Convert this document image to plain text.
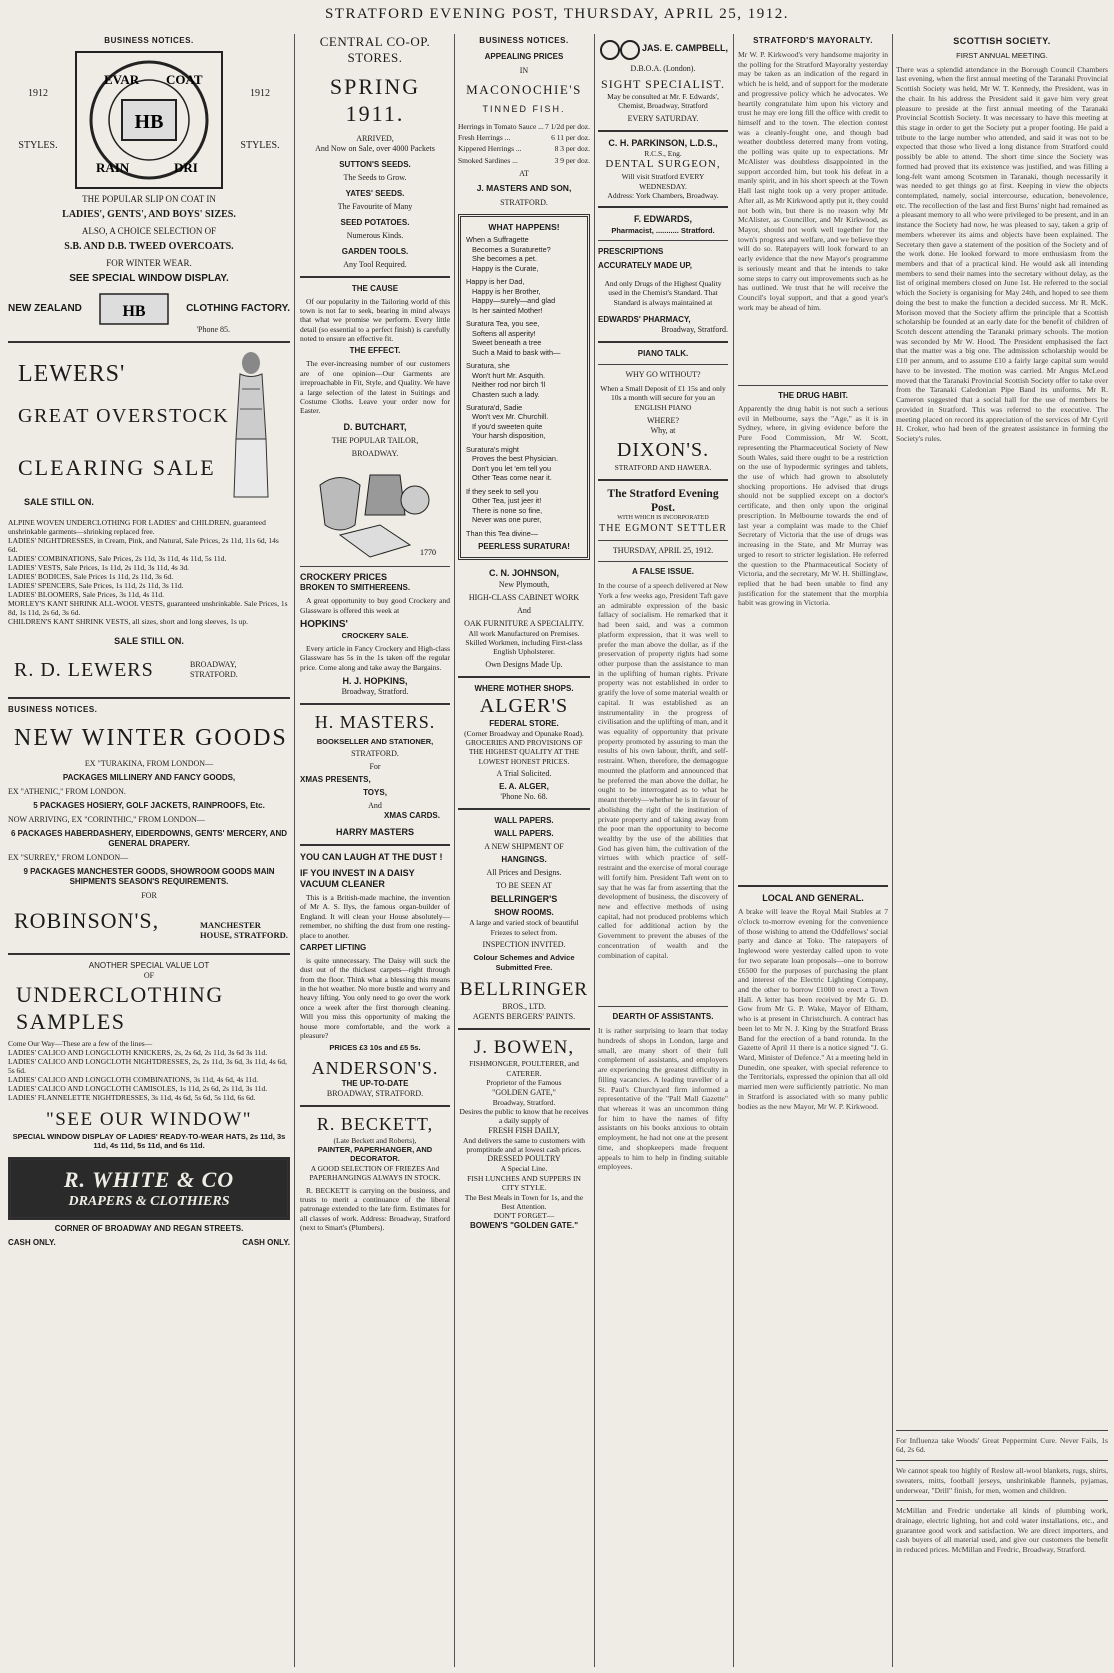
STRATFORD EVENING POST, THURSDAY, APRIL 25, 1912.
BUSINESS NOTICES.
1912
STYLES.
HB
EVAR COAT
RAIN	DRI
1912
STYLES.
THE POPULAR SLIP ON COAT IN
LADIES', GENTS', AND BOYS' SIZES.
ALSO, A CHOICE SELECTION OF
S.B. AND D.B. TWEED OVERCOATS.
FOR WINTER WEAR.
SEE SPECIAL WINDOW DISPLAY.
NEW ZEALAND	HB	CLOTHING FACTORY.
'Phone 85.
LEWERS'
GREAT OVERSTOCK
CLEARING SALE
SALE STILL ON.
ALPINE WOVEN UNDERCLOTHING FOR LADIES' and CHILDREN, guaranteed unshrinkable garments—shrinking replaced free.
LADIES' NIGHTDRESSES, in Cream, Pink, and Natural, Sale Prices, 2s 11d, 11s 6d, 14s 6d.
LADIES' COMBINATIONS, Sale Prices, 2s 11d, 3s 11d, 4s 11d, 5s 11d.
LADIES' VESTS, Sale Prices, 1s 11d, 2s 11d, 3s 11d, 4s 3d.
LADIES' BODICES, Sale Prices 1s 11d, 2s 11d, 3s 6d.
LADIES' SPENCERS, Sale Prices, 1s 11d, 2s 11d, 3s 11d.
LADIES' BLOOMERS, Sale Prices, 3s 11d, 4s 11d.
MORLEY'S KANT SHRINK ALL-WOOL VESTS, guaranteed unshrinkable. Sale Prices, 1s 8d, 1s 11d, 2s 6d, 3s 6d.
CHILDREN'S KANT SHRINK VESTS, all sizes, short and long sleeves, 1s up.
SALE STILL ON.
R. D. LEWERS	BROADWAY, STRATFORD.
BUSINESS NOTICES.
NEW WINTER GOODS
EX "TURAKINA, FROM LONDON—
PACKAGES MILLINERY AND FANCY GOODS,
EX "ATHENIC," FROM LONDON.
5 PACKAGES HOSIERY, GOLF JACKETS, RAINPROOFS, Etc.
NOW ARRIVING, EX "CORINTHIC," FROM LONDON—
6 PACKAGES HABERDASHERY, EIDERDOWNS, GENTS' MERCERY, AND GENERAL DRAPERY.
EX "SURREY," FROM LONDON—
9 PACKAGES MANCHESTER GOODS, SHOWROOM GOODS MAIN SHIPMENTS SEASON'S REQUIREMENTS.
FOR
ROBINSON'S,	MANCHESTER HOUSE, STRATFORD.
ANOTHER SPECIAL VALUE LOT
OF
UNDERCLOTHING
SAMPLES
Come Our Way—These are a few of the lines—
LADIES' CALICO AND LONGCLOTH KNICKERS, 2s, 2s 6d, 2s 11d, 3s 6d 3s 11d.
LADIES' CALICO AND LONGCLOTH NIGHTDRESSES, 2s, 2s 11d, 3s 6d, 3s 11d, 4s 6d, 5s 6d.
LADIES' CALICO AND LONGCLOTH COMBINATIONS, 3s 11d, 4s 6d, 4s 11d.
LADIES' CALICO AND LONGCLOTH CAMISOLES, 1s 11d, 2s 6d, 2s 11d, 3s 11d.
LADIES' FLANNELETTE NIGHTDRESSES, 3s 11d, 4s 6d, 5s 6d, 5s 11d, 6s 6d.
"SEE OUR WINDOW"
SPECIAL WINDOW DISPLAY OF LADIES' READY-TO-WEAR HATS, 2s 11d, 3s 11d, 4s 11d, 5s 11d, and 6s 11d.
R. WHITE & CO
DRAPERS & CLOTHIERS
CORNER OF BROADWAY AND REGAN STREETS.
CASH ONLY.	CASH ONLY.
CENTRAL CO-OP. STORES.
SPRING 1911.
ARRIVED,
And Now on Sale, over 4000 Packets
SUTTON'S SEEDS.
The Seeds to Grow.
YATES' SEEDS.
The Favourite of Many
SEED POTATOES.
Numerous Kinds.
GARDEN TOOLS.
Any Tool Required.
THE CAUSE
Of our popularity in the Tailoring world of this town is not far to seek, bearing in mind always that what we promise we perform. Every little detail (so essential to a perfect finish) is carefully noted to ensure an effective fit.
THE EFFECT.
The ever-increasing number of our customers are of one opinion—Our Garments are irreproachable in Fit, Style, and Quality. We have a large selection of the latest in Suitings and Costume Cloths. Leave your order now for Easter.
D. BUTCHART,
THE POPULAR TAILOR,
BROADWAY.
1770
CROCKERY PRICES
BROKEN TO SMITHEREENS.
A great opportunity to buy good Crockery and Glassware is offered this week at
HOPKINS'
CROCKERY SALE.
Every article in Fancy Crockery and High-class Glassware has 5s in the 1s taken off the regular price. Come along and take away the Bargains.
H. J. HOPKINS,
Broadway, Stratford.
H. MASTERS.
BOOKSELLER AND STATIONER,
STRATFORD.
For
XMAS PRESENTS,
TOYS,
And
XMAS CARDS.
HARRY MASTERS
YOU CAN LAUGH AT THE DUST !
IF YOU INVEST IN A DAISY VACUUM CLEANER
This is a British-made machine, the invention of Mr A. S. Ilys, the famous organ-builder of England. It will clean your House absolutely—remember, no shifting the dust from one resting-place to another.
CARPET LIFTING
is quite unnecessary. The Daisy will suck the dust out of the thickest carpets—right through from the floor. Think what a blessing this means in the hot weather. No more bustle and worry and heavy lifting. You only need to go over the work once a week after the first thorough cleaning. Will you miss this opportunity of making the house more comfortable, and the work a pleasure?
PRICES £3 10s and £5 5s.
ANDERSON'S.
THE UP-TO-DATE
BROADWAY, STRATFORD.
R. BECKETT,
(Late Beckett and Roberts),
PAINTER, PAPERHANGER, AND DECORATOR.
A GOOD SELECTION OF FRIEZES And PAPERHANGINGS ALWAYS IN STOCK.
R. BECKETT is carrying on the business, and trusts to merit a continuance of the liberal patronage extended to the late firm. Estimates for all classes of work. Address: Broadway, Stratford (next to Smart's (Plumbers).
BUSINESS NOTICES.
APPEALING PRICES
IN
MACONOCHIE'S
TINNED FISH.
Herrings in Tomato Sauce ... 7 1/2d per doz.
Fresh Herrings ...	6 11 per doz.
Kippered Herrings ...	8 3 per doz.
Smoked Sardines ...	3 9 per doz.
AT
J. MASTERS AND SON,
STRATFORD.
WHAT HAPPENS!
When a Suffragette
Becomes a Suraturette?
She becomes a pet.
Happy is the Curate,
Happy is her Dad,
Happy is her Brother,
Happy—surely—and glad
Is her sainted Mother!
Suratura Tea, you see,
Softens all asperity!
Sweet beneath a tree
Such a Maid to bask with—
Suratura, she
Won't hurt Mr. Asquith.
Neither rod nor birch 'll
Chasten such a lady.
Suratura'd, Sadie
Won't vex Mr. Churchill.
If you'd sweeten quite
Your harsh disposition,
Suratura's might
Proves the best Physician.
Don't you let 'em tell you
Other Teas come near it.
If they seek to sell you
Other Tea, just jeer it!
There is none so fine,
Never was one purer,
Than this Tea divine—
PEERLESS SURATURA!
C. N. JOHNSON,
New Plymouth,
HIGH-CLASS CABINET WORK
And
OAK FURNITURE A SPECIALITY.
All work Manufactured on Premises. Skilled Workmen, including First-class English Upholsterer.
Own Designs Made Up.
WHERE MOTHER SHOPS.
ALGER'S
FEDERAL STORE.
(Corner Broadway and Opunake Road).
GROCERIES AND PROVISIONS OF THE HIGHEST QUALITY AT THE LOWEST HONEST PRICES.
A Trial Solicited.
E. A. ALGER,
'Phone No. 68.
WALL PAPERS.
WALL PAPERS.
A NEW SHIPMENT OF
HANGINGS.
All Prices and Designs.
TO BE SEEN AT
BELLRINGER'S
SHOW ROOMS.
A large and varied stock of beautiful Friezes to select from.
INSPECTION INVITED.
Colour Schemes and Advice
Submitted Free.
BELLRINGER
BROS., LTD.
AGENTS BERGERS' PAINTS.
J. BOWEN,
FISHMONGER, POULTERER, and CATERER.
Proprietor of the Famous
"GOLDEN GATE,"
Broadway, Stratford.
Desires the public to know that he receives a daily supply of
FRESH FISH DAILY,
And delivers the same to customers with promptitude and at lowest cash prices.
DRESSED POULTRY
A Special Line.
FISH LUNCHES AND SUPPERS IN CITY STYLE.
The Best Meals in Town for 1s, and the Best Attention.
DON'T FORGET—
BOWEN'S "GOLDEN GATE."
JAS. E. CAMPBELL,
D.B.O.A. (London).
SIGHT SPECIALIST.
May be consulted at Mr. F. Edwards', Chemist, Broadway, Stratford
EVERY SATURDAY.
C. H. PARKINSON, L.D.S.,
R.C.S., Eng.
DENTAL SURGEON,
Will visit Stratford EVERY WEDNESDAY.
Address: York Chambers, Broadway.
F. EDWARDS,
Pharmacist, ........... Stratford.
PRESCRIPTIONS
ACCURATELY MADE UP,
And only Drugs of the Highest Quality used in the Chemist's Standard. That Standard is always maintained at
EDWARDS' PHARMACY,
Broadway, Stratford.
PIANO TALK.
WHY GO WITHOUT?
When a Small Deposit of £1 15s and only 10s a month will secure for you an ENGLISH PIANO
WHERE?
Why, at
DIXON'S.
STRATFORD AND HAWERA.
The Stratford Evening Post.
WITH WHICH IS INCORPORATED
THE EGMONT SETTLER
THURSDAY, APRIL 25, 1912.
A FALSE ISSUE.
In the course of a speech delivered at New York a few weeks ago, President Taft gave an admirable expression of the basic fallacy of socialism. He remarked that it had been said, and was a common platform expression, that it was well to prefer the man above the dollar, as if the preservation of property rights had some other purpose than the assistance to man in the uplifting of human rights. Private property was not established in order to gratify the love of some material wealth or capital. It was established as an instrumentality in the progress of civilisation and the uplifting of man, and it was equality of opportunity that private property promoted by assuring to man the results of his own labour, thrift, and self-restraint. When, therefore, the demagogue mounted the platform and announced that he preferred the man above the dollar, he ought to be interrogated as to what he meant thereby—whether he is in favour of abolishing the right of the institution of private property and of taking away from the poor man the opportunity to become wealthy by the use of the abilities that God has given him, the cultivation of the virtues with which practice of self-restraint and the exercise of moral courage will fortify him. President Taft went on to say that he was far from asserting that the development of business, the discovery of new and effective methods of using capital, had not produced problems which called for additional action by the Government to prevent the abuses of the concentration of wealth and the combination of capital.
DEARTH OF ASSISTANTS.
It is rather surprising to learn that today hundreds of shops in London, large and small, are many short of their full complement of assistants, and employers are experiencing the greatest difficulty in filling vacancies. A leading traveller of a St. Paul's Churchyard firm informed a representative of the "Pall Mall Gazette" that whereas it was an uncommon thing for him to have the names of fifty assistants on his books anxious to obtain employment, he had not one at the present time, and shopkeepers made frequent appeals to him to help in finding suitable employees.
STRATFORD'S MAYORALTY.
Mr W. P. Kirkwood's very handsome majority in the polling for the Stratford Mayoralty yesterday may be taken as an indication of the regard in which he is held, and of support for the moderate and progressive policy which he advocates. We heartily congratulate him upon his victory and trust he may ere long fill the office with credit to himself and to the town. The election contest was a cleanly-fought one, and though bad weather doubtless deterred many from voting, the polling was quite up to expectations. Mr McAlister was doubtless disappointed in the support accorded him, but took his defeat in a manly spirit, and in his short speech at the Town Hall last night took up a very proper attitude. After all, as Mr Kirkwood aptly put it, they could not both win, but there is no reason why Mr McAlister, as Councillor, and Mr Kirkwood, as Mayor, should not work well together for the town's progress and welfare, and we believe they will do so. Ratepayers will look forward to an early evidence that the new Mayor's programme is seriously meant and that he intends to take some steps to carry out improvements such as he has outlined. We trust that he will receive the Council's loyal support, and that a good year's work may be ahead of him.
THE DRUG HABIT.
Apparently the drug habit is not such a serious evil in Melbourne, says the "Age," as it is in Sydney, where, in giving evidence before the Pure Food Commission, Mr W. Scott, representing the Pharmaceutical Society of New South Wales, said there ought to be a restriction on the use of hypodermic syringes and tablets, the use of which had grown to absolutely shocking proportions. He advised that drugs should not be supplied except on a doctor's certificate, and then only upon the original prescription. In Melbourne towards the end of last year a complaint was made to the Chief Secretary of Victoria that the use of drugs was increasing in the State, and Mr Murray was urged to resort to stricter legislation. He referred the question to the Pharmaceutical Society of Victoria, and the secretary, Mr W. H. Shillinglaw, replied that he had been unable to find any justification for the statement that the morphia habit was growing in Victoria.
LOCAL AND GENERAL.
A brake will leave the Royal Mail Stables at 7 o'clock to-morrow evening for the convenience of those wishing to attend the Oddfellows' social party and dance at Toko. The ratepayers of Inglewood were yesterday called upon to vote for two separate loan proposals—one to borrow £6500 for the purposes of purchasing the plant and interest of the Electric Lighting Company, and the other to borrow £1000 to erect a Town Hall. A letter has been received by Mr G. D. Gow from Mr G. P. Wake, Mayor of Eltham, who is at present in Christchurch. A contract has been let to Mr N. J. King by the Stratford Brass Band for the erection of a band rotunda. In the Gazette of April 11 there is a notice signed "J. G. Ward, Minister of Defence." At a meeting held in Dunedin, one speaker, with special reference to the Territorials, expressed the opinion that all old married men were sufficiently patriotic. No man in Stratford is associated with so many public bodies as the new Mayor, Mr W. P. Kirkwood.
SCOTTISH SOCIETY.
FIRST ANNUAL MEETING.
There was a splendid attendance in the Borough Council Chambers last evening, when the first annual meeting of the Taranaki Provincial Scottish Society was held, Mr W. T. Kennedy, the President, was in the chair. In his address the President said it gave him very great pleasure to preside at the first annual meeting of the Taranaki Provincial Scottish Society. It was necessary to have this meeting at this stage in order to get the Society put a proper footing. He paid a tribute to the large number who attended, and said it was not to be expected that those who lived a long distance from Stratford could possibly be able to attend. The short time since the Society was formed had proved that its existence was justified, and was filling a long-felt want among Scotsmen in Taranaki, though necessarily it was needed to get things go at first. Keeping in view the objects contemplated, namely, social intercourse, education, benevolence, etc. The recollection of the last and first Burns' night had remained as a pleasant memory to all who were privileged to be present, and in an instance the Society had now, he was pleased to say, taken a grip of members wherever its aims and objects have been explained. The Secretary then gave a statement of the position of the Society and of the work done. He looked forward to more enthusiasm from the members and that of a practical kind. He would ask all intending members to send their names into the secretary without delay, as the list of original members closed on June 1st. He referred to the social which the Society is organising for May 24th, and hoped to see them doing the best to make the function a decided success. Mr R. McK. Morison moved that the Society affirm the principle that a Scottish scholarship be founded at an early date for the benefit of children of Scotch descent attending the Taranaki primary schools. The motion was seconded by Mr W. Hood. The President emphasised the fact that the matter was a big one. The admission scholarship would be £10 per annum, and to assume £10 a fairly large capital sum would have to be invested. The motion was carried. Mr Angus McLeod moved that the Taranaki Provincial Scottish Society offer to take over from the Taranaki Caledonian Pipe Band its uniforms. Mr R. Cameron suggested that a social hall for the use of members be provided in Stratford. This was referred to the executive. The meeting placed on record its appreciation of the services of Mr Cyril H. Croker, who had been of the greatest assistance in forming the Society's rules.
For Influenza take Woods' Great Peppermint Cure. Never Fails, 1s 6d, 2s 6d.
We cannot speak too highly of Reslow all-wool blankets, rugs, shirts, sweaters, mitts, football jerseys, unshrinkable flannels, pyjamas, underwear, "Drill" finish, for men, women and children.
McMillan and Fredric undertake all kinds of plumbing work, drainage, electric lighting, hot and cold water installations, etc., and guarantee good work and satisfaction. We are direct importers, and cash buyers of all material used, and give our customers the benefit in reduced prices. McMillan and Fredric, Broadway, Stratford.
